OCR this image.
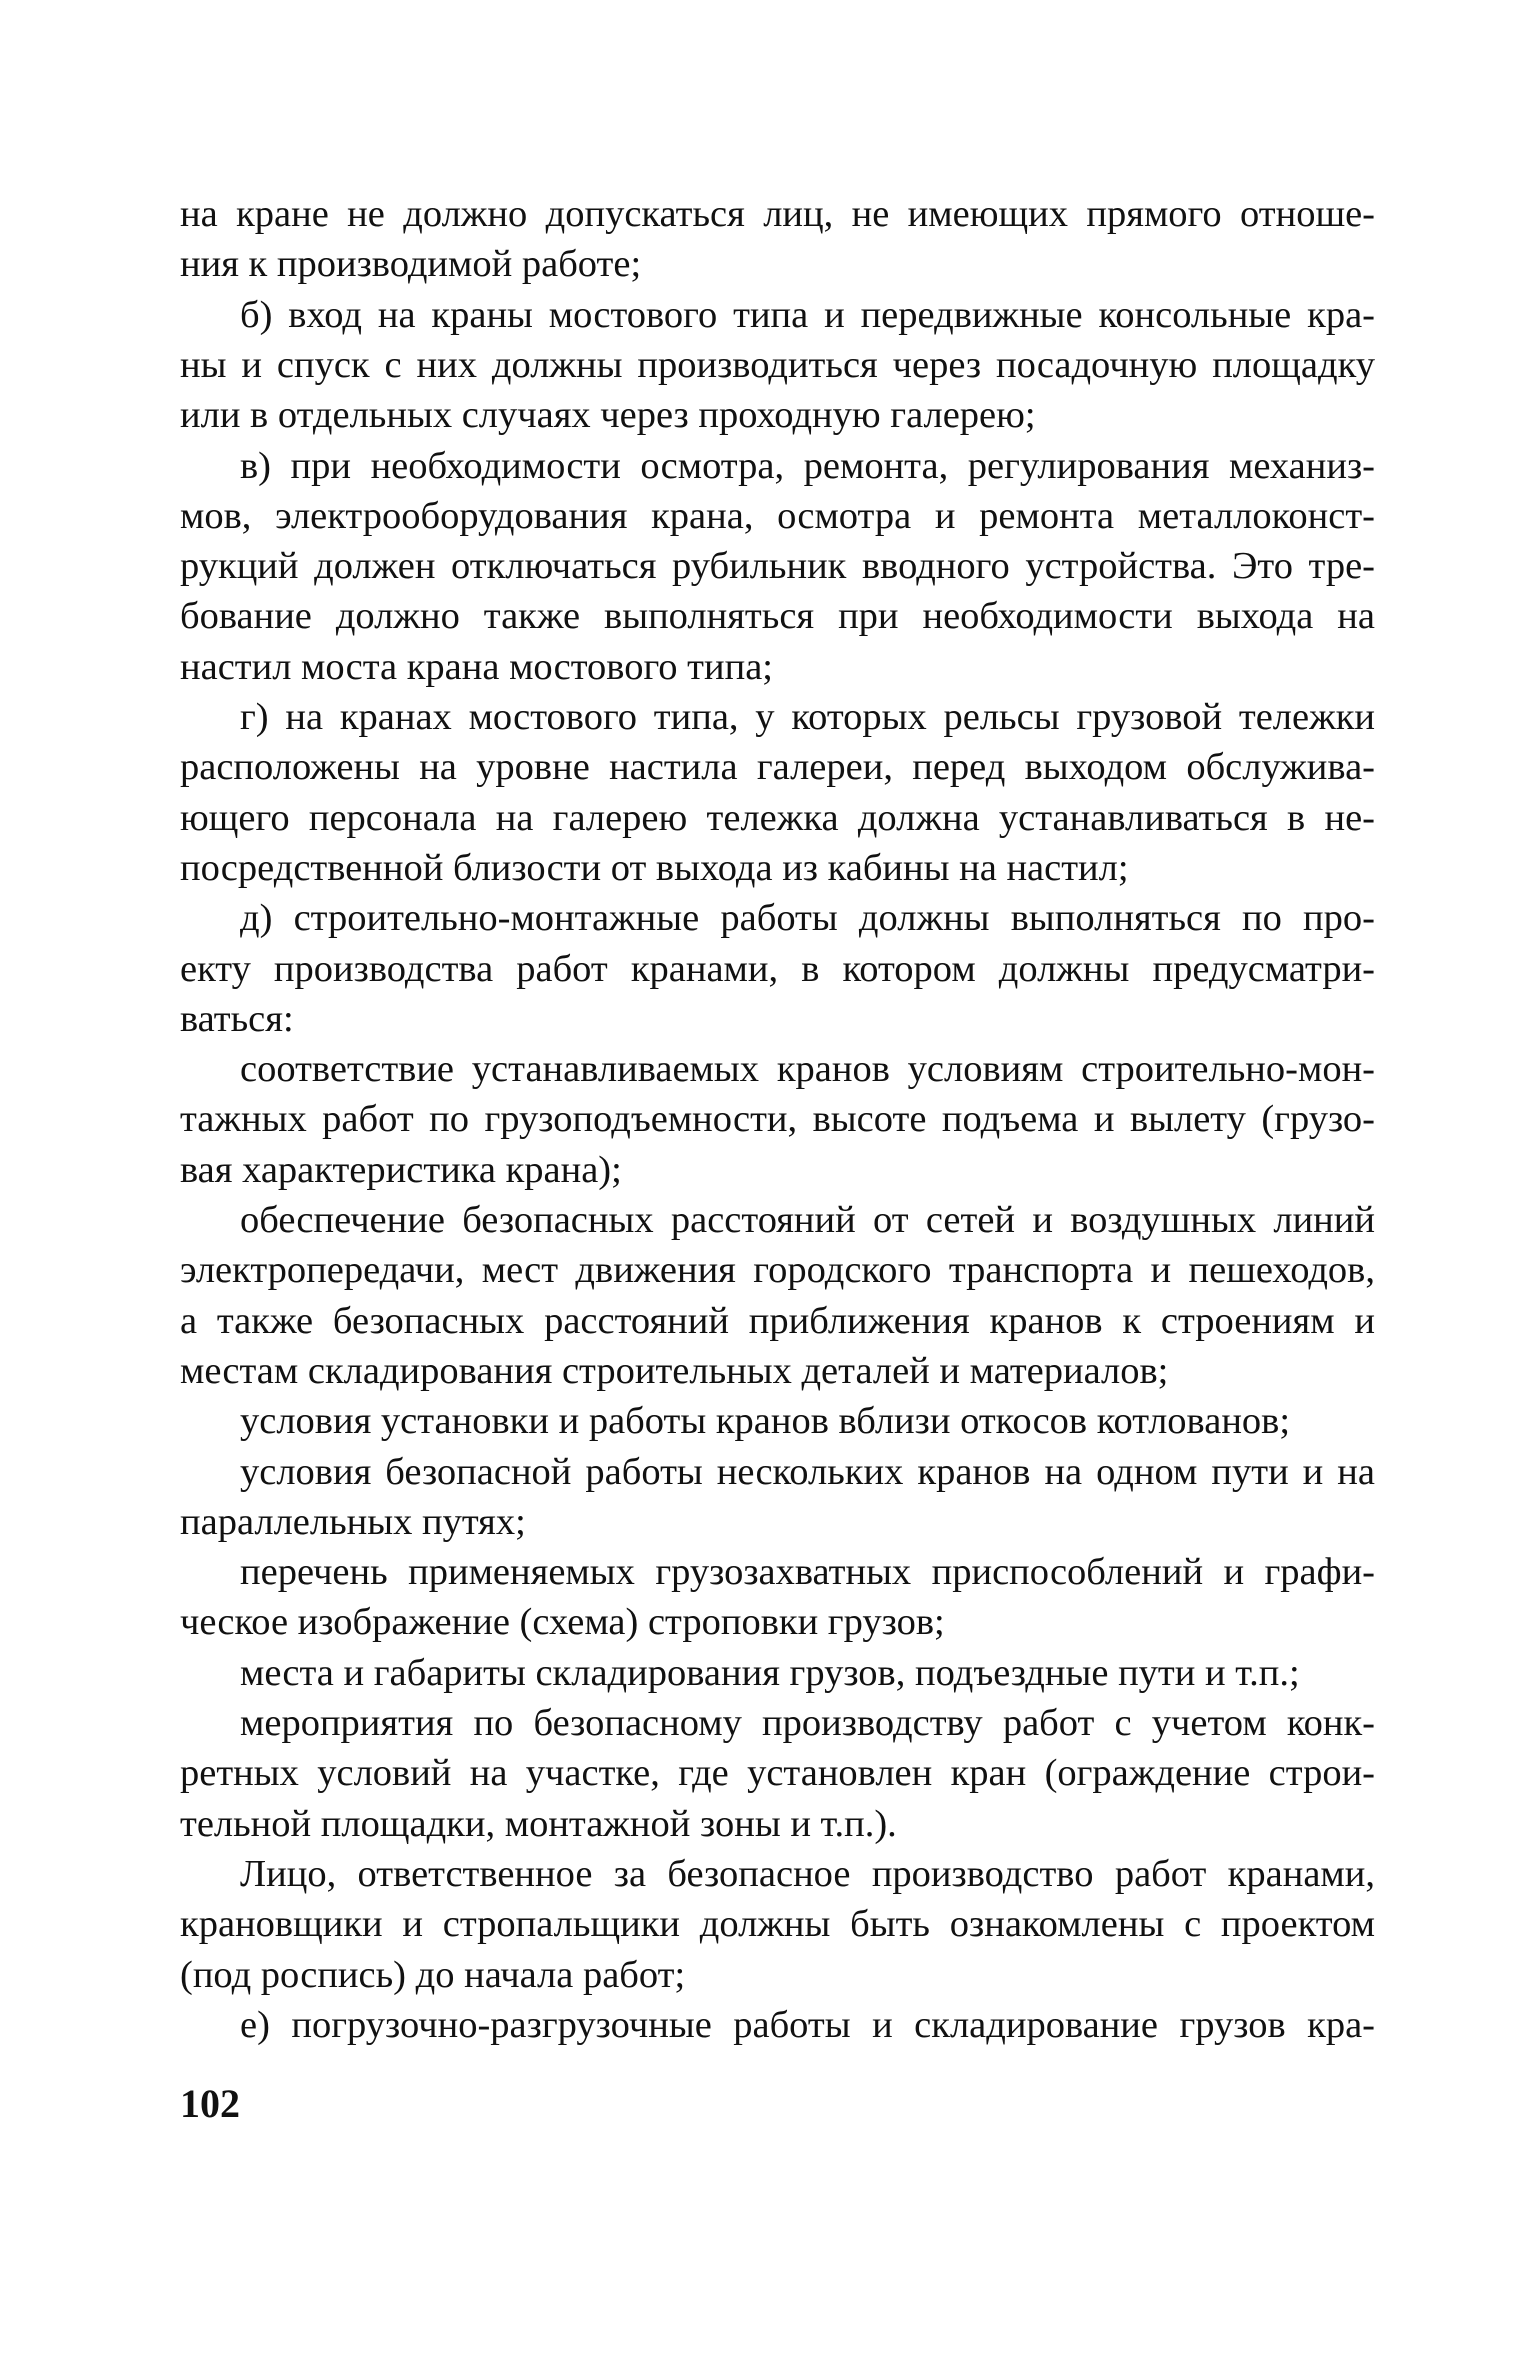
на кране не должно допускаться лиц, не имеющих прямого отноше-
ния к производимой работе;
б) вход на краны мостового типа и передвижные консольные кра-
ны и спуск с них должны производиться через посадочную площадку
или в отдельных случаях через проходную галерею;
в) при необходимости осмотра, ремонта, регулирования механиз-
мов, электрооборудования крана, осмотра и ремонта металлоконст-
рукций должен отключаться рубильник вводного устройства. Это тре-
бование должно также выполняться при необходимости выхода на
настил моста крана мостового типа;
г) на кранах мостового типа, у которых рельсы грузовой тележки
расположены на уровне настила галереи, перед выходом обслужива-
ющего персонала на галерею тележка должна устанавливаться в не-
посредственной близости от выхода из кабины на настил;
д) строительно-монтажные работы должны выполняться по про-
екту производства работ кранами, в котором должны предусматри-
ваться:
соответствие устанавливаемых кранов условиям строительно-мон-
тажных работ по грузоподъемности, высоте подъема и вылету (грузо-
вая характеристика крана);
обеспечение безопасных расстояний от сетей и воздушных линий
электропередачи, мест движения городского транспорта и пешеходов,
а также безопасных расстояний приближения кранов к строениям и
местам складирования строительных деталей и материалов;
условия установки и работы кранов вблизи откосов котлованов;
условия безопасной работы нескольких кранов на одном пути и на
параллельных путях;
перечень применяемых грузозахватных приспособлений и графи-
ческое изображение (схема) строповки грузов;
места и габариты складирования грузов, подъездные пути и т.п.;
мероприятия по безопасному производству работ с учетом конк-
ретных условий на участке, где установлен кран (ограждение строи-
тельной площадки, монтажной зоны и т.п.).
Лицо, ответственное за безопасное производство работ кранами,
крановщики и стропальщики должны быть ознакомлены с проектом
(под роспись) до начала работ;
е) погрузочно-разгрузочные работы и складирование грузов кра-
102
